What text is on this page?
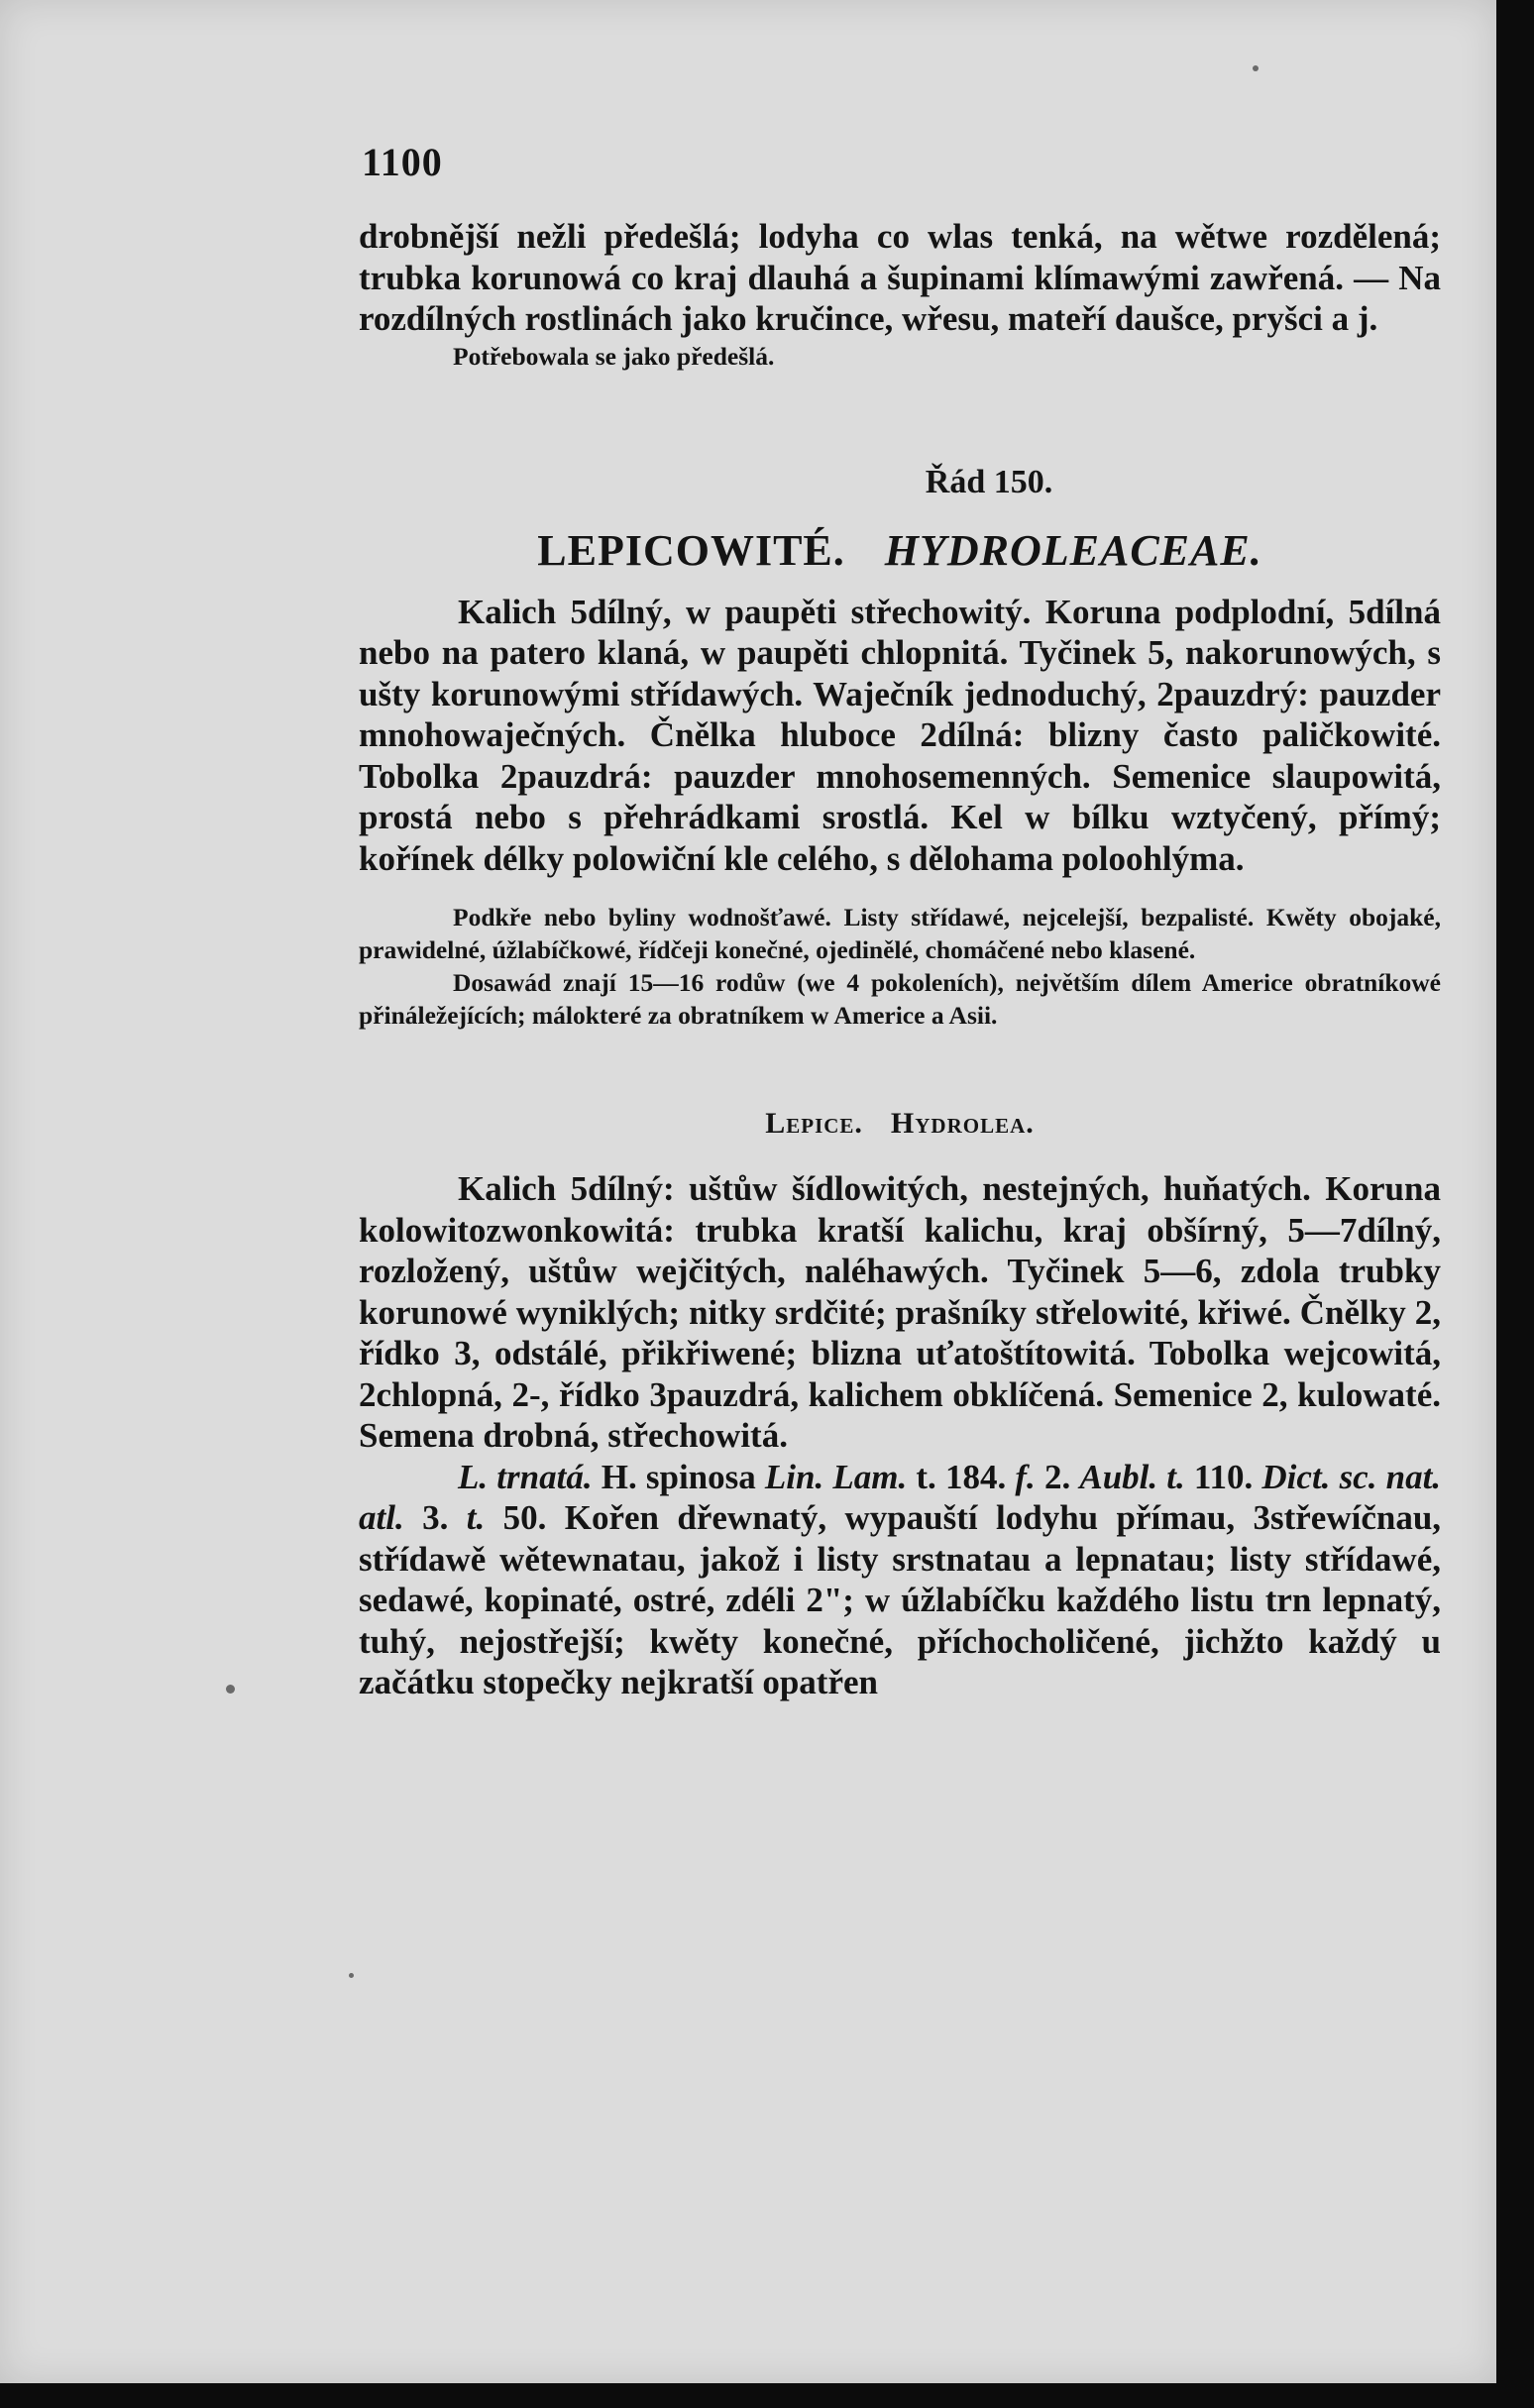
1100

drobnější nežli předešlá; lodyha co wlas tenká, na wětwe rozdělená; trubka korunowá co kraj dlauhá a šupinami klímawými zawřená. — Na rozdílných rostlinách jako kručince, wřesu, mateří daušce, pryšci a j.

Potřebowala se jako předešlá.

Řád 150.
LEPICOWITÉ. HYDROLEACEAE.

Kalich 5dílný, w paupěti střechowitý. Koruna podplodní, 5dílná nebo na patero klaná, w paupěti chlopnitá. Tyčinek 5, nakorunowých, s ušty korunowými střídawých. Waječník jednoduchý, 2pauzdrý: pauzder mnohowaječných. Čnělka hluboce 2dílná: blizny často paličkowité. Tobolka 2pauzdrá: pauzder mnohosemenných. Semenice slaupowitá, prostá nebo s přehrádkami srostlá. Kel w bílku wztyčený, přímý; kořínek délky polowiční kle celého, s dělohama poloohlýma.

Podkře nebo byliny wodnošťawé. Listy střídawé, nejcelejší, bezpalisté. Kwěty obojaké, prawidelné, úžlabíčkowé, řídčeji konečné, ojedinělé, chomáčené nebo klasené.

Dosawád znají 15—16 rodůw (we 4 pokoleních), největším dílem Americe obratníkowé přináležejících; málokteré za obratníkem w Americe a Asii.

Lepice. Hydrolea.

Kalich 5dílný: uštůw šídlowitých, nestejných, huňatých. Koruna kolowitozwonkowitá: trubka kratší kalichu, kraj obšírný, 5—7dílný, rozložený, uštůw wejčitých, naléhawých. Tyčinek 5—6, zdola trubky korunowé wyniklých; nitky srdčité; prašníky střelowité, křiwé. Čnělky 2, řídko 3, odstálé, přikřiwené; blizna uťatoštítowitá. Tobolka wejcowitá, 2chlopná, 2-, řídko 3pauzdrá, kalichem obklíčená. Semenice 2, kulowaté. Semena drobná, střechowitá.

L. trnatá. H. spinosa Lin. Lam. t. 184. f. 2. Aubl. t. 110. Dict. sc. nat. atl. 3. t. 50. Kořen dřewnatý, wypauští lodyhu přímau, 3střewíčnau, střídawě wětewnatau, jakož i listy srstnatau a lepnatau; listy střídawé, sedawé, kopinaté, ostré, zdéli 2"; w úžlabíčku každého listu trn lepnatý, tuhý, nejostřejší; kwěty konečné, příchocholičené, jichžto každý u začátku stopečky nejkratší opatřen
